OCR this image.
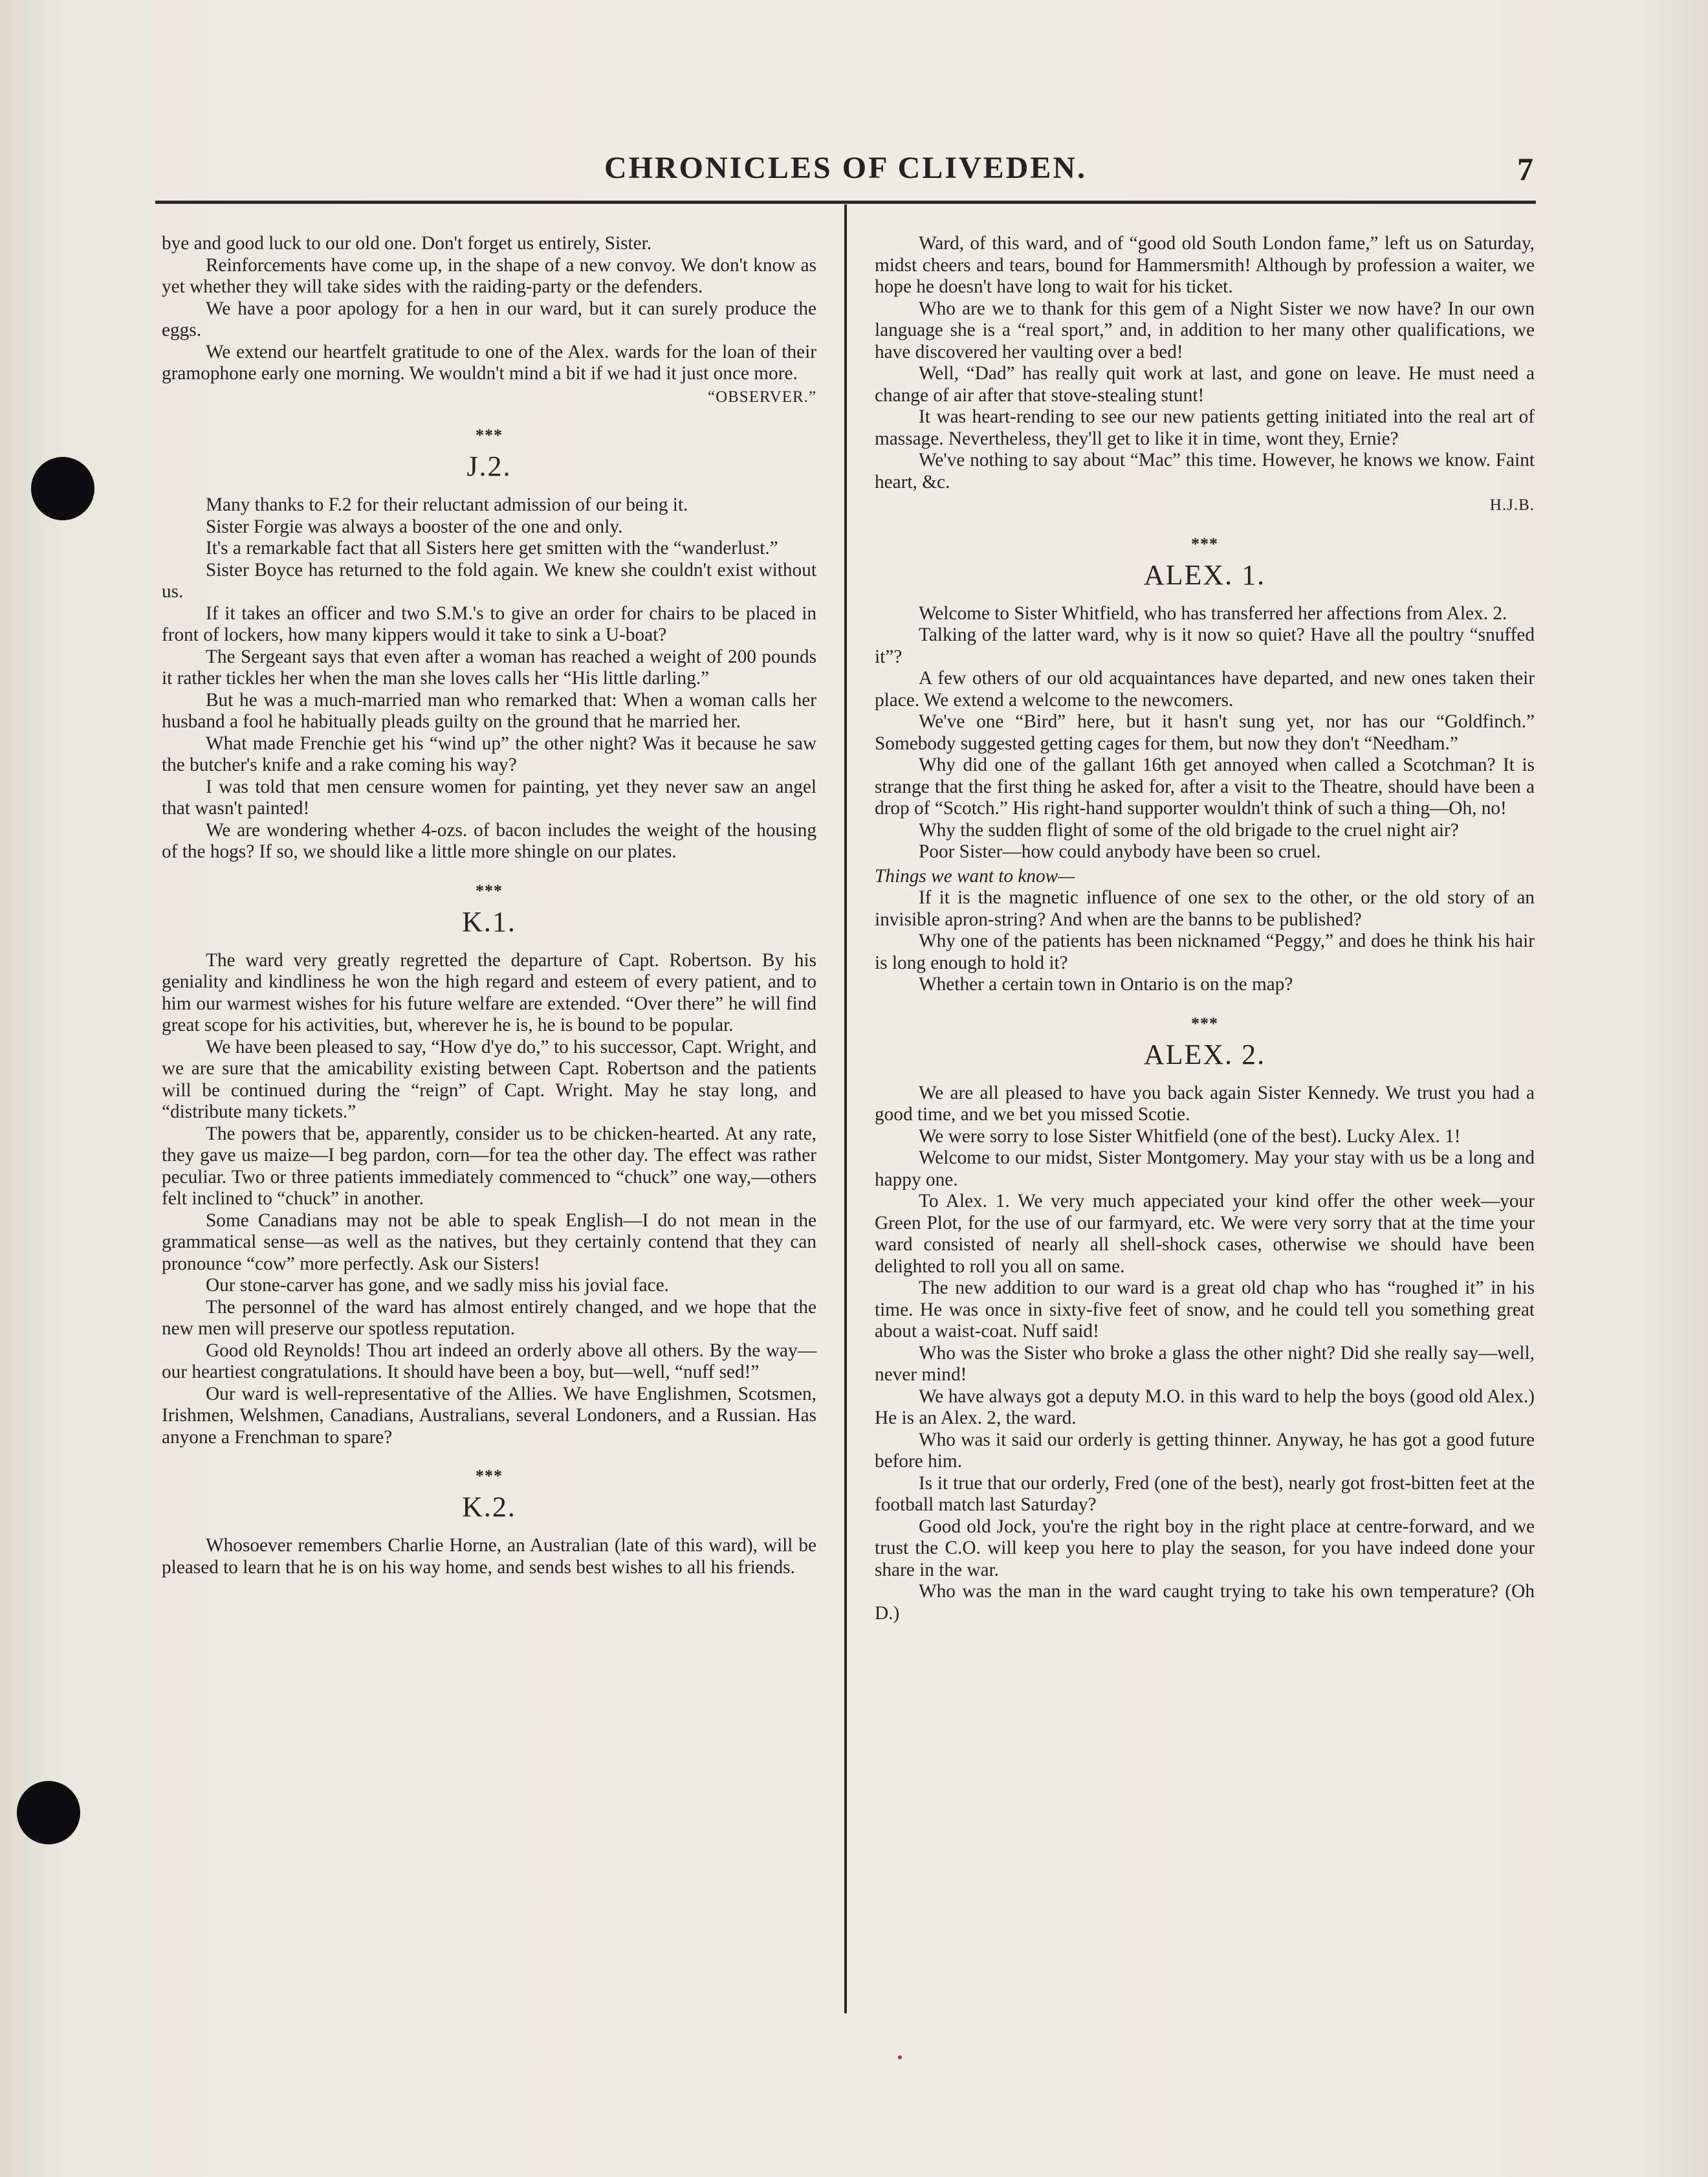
CHRONICLES OF CLIVEDEN.	7

bye and good luck to our old one. Don't forget us entirely, Sister.

Reinforcements have come up, in the shape of a new convoy. We don't know as yet whether they will take sides with the raiding-party or the defenders.

We have a poor apology for a hen in our ward, but it can surely produce the eggs.

We extend our heartfelt gratitude to one of the Alex. wards for the loan of their gramophone early one morning. We wouldn't mind a bit if we had it just once more.

“OBSERVER.”

***
J.2.

Many thanks to F.2 for their reluctant admission of our being it.

Sister Forgie was always a booster of the one and only.

It's a remarkable fact that all Sisters here get smitten with the “wanderlust.”

Sister Boyce has returned to the fold again. We knew she couldn't exist without us.

If it takes an officer and two S.M.'s to give an order for chairs to be placed in front of lockers, how many kippers would it take to sink a U-boat?

The Sergeant says that even after a woman has reached a weight of 200 pounds it rather tickles her when the man she loves calls her “His little darling.”

But he was a much-married man who remarked that: When a woman calls her husband a fool he habitually pleads guilty on the ground that he married her.

What made Frenchie get his “wind up” the other night? Was it because he saw the butcher's knife and a rake coming his way?

I was told that men censure women for painting, yet they never saw an angel that wasn't painted!

We are wondering whether 4-ozs. of bacon includes the weight of the housing of the hogs? If so, we should like a little more shingle on our plates.

***
K.1.

The ward very greatly regretted the departure of Capt. Robertson. By his geniality and kindliness he won the high regard and esteem of every patient, and to him our warmest wishes for his future welfare are extended. “Over there” he will find great scope for his activities, but, wherever he is, he is bound to be popular.

We have been pleased to say, “How d'ye do,” to his successor, Capt. Wright, and we are sure that the amicability existing between Capt. Robertson and the patients will be continued during the “reign” of Capt. Wright. May he stay long, and “distribute many tickets.”

The powers that be, apparently, consider us to be chicken-hearted. At any rate, they gave us maize—I beg pardon, corn—for tea the other day. The effect was rather peculiar. Two or three patients immediately commenced to “chuck” one way,—others felt inclined to “chuck” in another.

Some Canadians may not be able to speak English—I do not mean in the grammatical sense—as well as the natives, but they certainly contend that they can pronounce “cow” more perfectly. Ask our Sisters!

Our stone-carver has gone, and we sadly miss his jovial face.

The personnel of the ward has almost entirely changed, and we hope that the new men will preserve our spotless reputation.

Good old Reynolds! Thou art indeed an orderly above all others. By the way—our heartiest congratulations. It should have been a boy, but—well, “nuff sed!”

Our ward is well-representative of the Allies. We have Englishmen, Scotsmen, Irishmen, Welshmen, Canadians, Australians, several Londoners, and a Russian. Has anyone a Frenchman to spare?

***
K.2.

Whosoever remembers Charlie Horne, an Australian (late of this ward), will be pleased to learn that he is on his way home, and sends best wishes to all his friends.

Ward, of this ward, and of “good old South London fame,” left us on Saturday, midst cheers and tears, bound for Hammersmith! Although by profession a waiter, we hope he doesn't have long to wait for his ticket.

Who are we to thank for this gem of a Night Sister we now have? In our own language she is a “real sport,” and, in addition to her many other qualifications, we have discovered her vaulting over a bed!

Well, “Dad” has really quit work at last, and gone on leave. He must need a change of air after that stove-stealing stunt!

It was heart-rending to see our new patients getting initiated into the real art of massage. Nevertheless, they'll get to like it in time, wont they, Ernie?

We've nothing to say about “Mac” this time. However, he knows we know. Faint heart, &c.

H.J.B.

***
ALEX. 1.

Welcome to Sister Whitfield, who has transferred her affections from Alex. 2.

Talking of the latter ward, why is it now so quiet? Have all the poultry “snuffed it”?

A few others of our old acquaintances have departed, and new ones taken their place. We extend a welcome to the newcomers.

We've one “Bird” here, but it hasn't sung yet, nor has our “Goldfinch.” Somebody suggested getting cages for them, but now they don't “Needham.”

Why did one of the gallant 16th get annoyed when called a Scotchman? It is strange that the first thing he asked for, after a visit to the Theatre, should have been a drop of “Scotch.” His right-hand supporter wouldn't think of such a thing—Oh, no!

Why the sudden flight of some of the old brigade to the cruel night air?

Poor Sister—how could anybody have been so cruel.

Things we want to know—

If it is the magnetic influence of one sex to the other, or the old story of an invisible apron-string? And when are the banns to be published?

Why one of the patients has been nicknamed “Peggy,” and does he think his hair is long enough to hold it?

Whether a certain town in Ontario is on the map?

***
ALEX. 2.

We are all pleased to have you back again Sister Kennedy. We trust you had a good time, and we bet you missed Scotie.

We were sorry to lose Sister Whitfield (one of the best). Lucky Alex. 1!

Welcome to our midst, Sister Montgomery. May your stay with us be a long and happy one.

To Alex. 1. We very much appeciated your kind offer the other week—your Green Plot, for the use of our farmyard, etc. We were very sorry that at the time your ward consisted of nearly all shell-shock cases, otherwise we should have been delighted to roll you all on same.

The new addition to our ward is a great old chap who has “roughed it” in his time. He was once in sixty-five feet of snow, and he could tell you something great about a waist-coat. Nuff said!

Who was the Sister who broke a glass the other night? Did she really say—well, never mind!

We have always got a deputy M.O. in this ward to help the boys (good old Alex.) He is an Alex. 2, the ward.

Who was it said our orderly is getting thinner. Anyway, he has got a good future before him.

Is it true that our orderly, Fred (one of the best), nearly got frost-bitten feet at the football match last Saturday?

Good old Jock, you're the right boy in the right place at centre-forward, and we trust the C.O. will keep you here to play the season, for you have indeed done your share in the war.

Who was the man in the ward caught trying to take his own temperature? (Oh D.)
